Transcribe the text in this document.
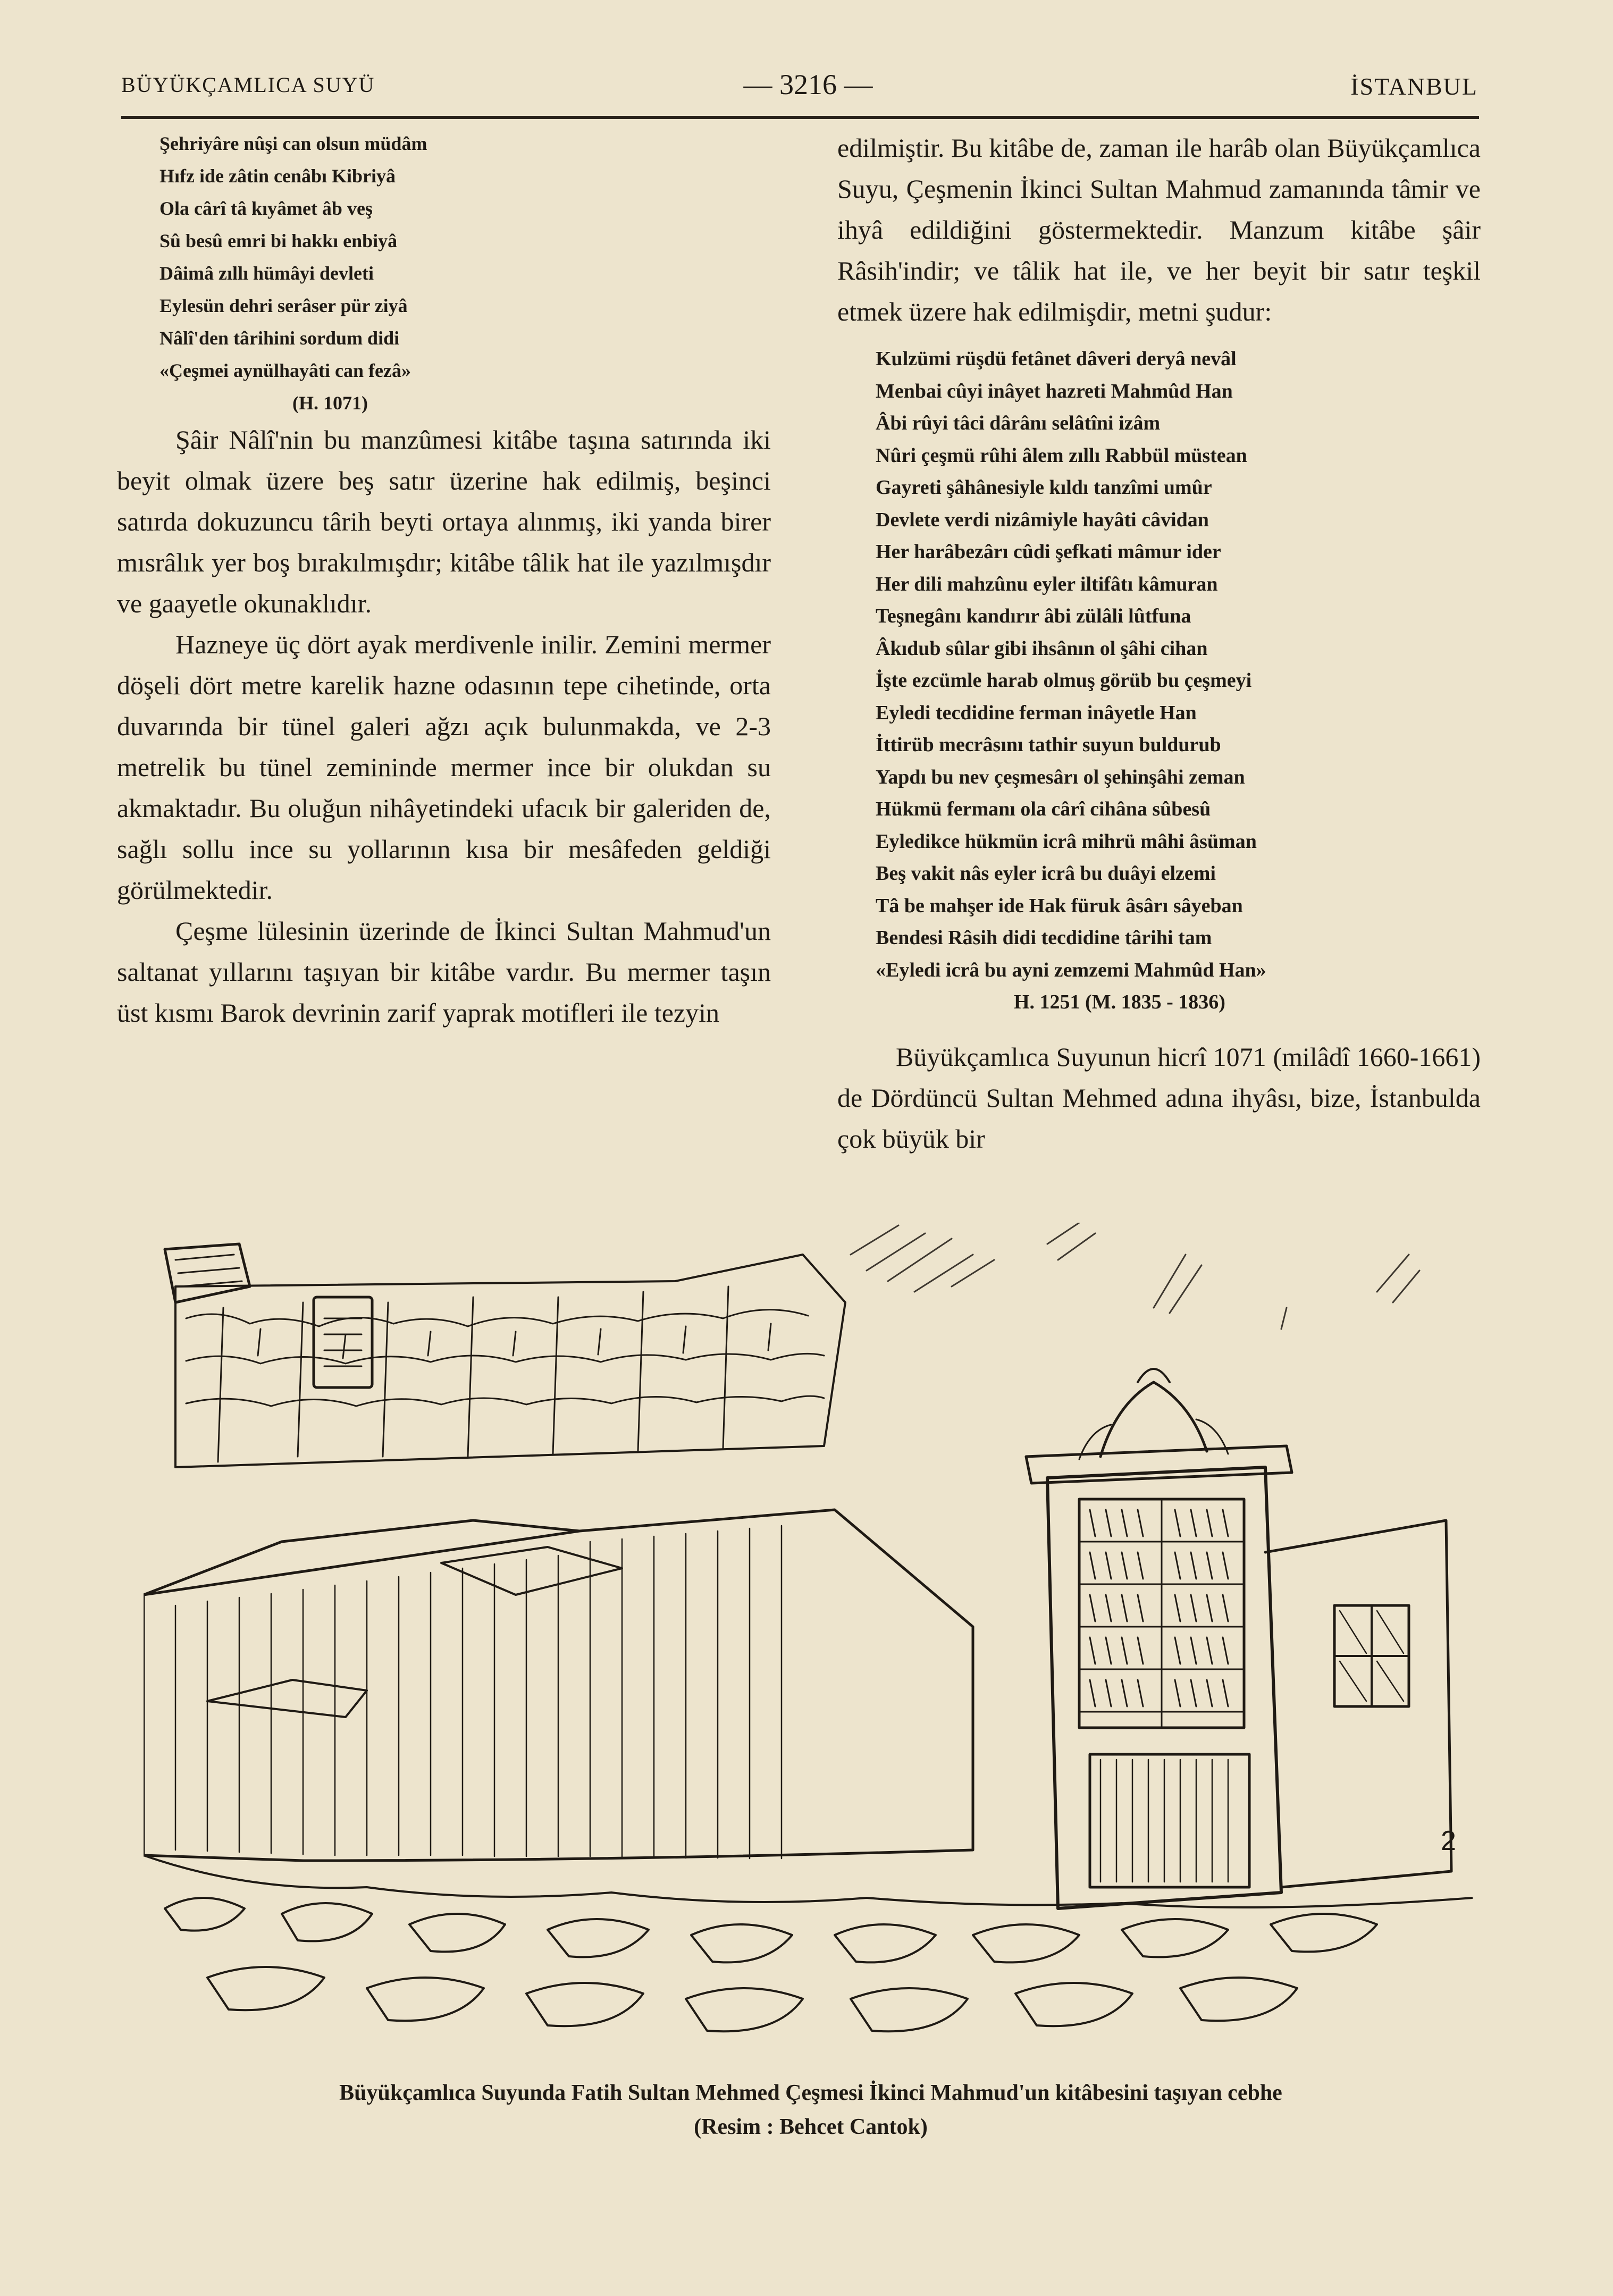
BÜYÜKÇAMLICA SUYÜ	— 3216 —	İSTANBUL
Şehriyâre nûşi can olsun müdâm
Hıfz ide zâtin cenâbı Kibriyâ
Ola cârî tâ kıyâmet âb veş
Sû besû emri bi hakkı enbiyâ
Dâimâ zıllı hümâyi devleti
Eylesün dehri serâser pür ziyâ
Nâlî'den târihini sordum didi
«Çeşmei aynülhayâti can fezâ»
(H. 1071)

Şâir Nâlî'nin bu manzûmesi kitâbe taşına satırında iki beyit olmak üzere beş satır üzerine hak edilmiş, beşinci satırda dokuzuncu târih beyti ortaya alınmış, iki yanda birer mısrâlık yer boş bırakılmışdır; kitâbe tâlik hat ile yazılmışdır ve gaayetle okunaklıdır.

Hazneye üç dört ayak merdivenle inilir. Zemini mermer döşeli dört metre karelik hazne odasının tepe cihetinde, orta duvarında bir tünel galeri ağzı açık bulunmakda, ve 2-3 metrelik bu tünel zemininde mermer ince bir olukdan su akmaktadır. Bu oluğun nihâyetindeki ufacık bir galeriden de, sağlı sollu ince su yollarının kısa bir mesâfeden geldiği görülmektedir.

Çeşme lülesinin üzerinde de İkinci Sultan Mahmud'un saltanat yıllarını taşıyan bir kitâbe vardır. Bu mermer taşın üst kısmı Barok devrinin zarif yaprak motifleri ile tezyin

edilmiştir. Bu kitâbe de, zaman ile harâb olan Büyükçamlıca Suyu, Çeşmenin İkinci Sultan Mahmud zamanında tâmir ve ihyâ edildiğini göstermektedir. Manzum kitâbe şâir Râsih'indir; ve tâlik hat ile, ve her beyit bir satır teşkil etmek üzere hak edilmişdir, metni şudur:

Kulzümi rüşdü fetânet dâveri deryâ nevâl
Menbai cûyi inâyet hazreti Mahmûd Han
Âbi rûyi tâci dârânı selâtîni izâm
Nûri çeşmü rûhi âlem zıllı Rabbül müstean
Gayreti şâhânesiyle kıldı tanzîmi umûr
Devlete verdi nizâmiyle hayâti câvidan
Her harâbezârı cûdi şefkati mâmur ider
Her dili mahzûnu eyler iltifâtı kâmuran
Teşnegânı kandırır âbi zülâli lûtfuna
Âkıdub sûlar gibi ihsânın ol şâhi cihan
İşte ezcümle harab olmuş görüb bu çeşmeyi
Eyledi tecdidine ferman inâyetle Han
İttirüb mecrâsını tathir suyun buldurub
Yapdı bu nev çeşmesârı ol şehinşâhi zeman
Hükmü fermanı ola cârî cihâna sûbesû
Eyledikce hükmün icrâ mihrü mâhi âsüman
Beş vakit nâs eyler icrâ bu duâyi elzemi
Tâ be mahşer ide Hak füruk âsârı sâyeban
Bendesi Râsih didi tecdidine târihi tam
«Eyledi icrâ bu ayni zemzemi Mahmûd Han»
H. 1251 (M. 1835 - 1836)

Büyükçamlıca Suyunun hicrî 1071 (milâdî 1660-1661) de Dördüncü Sultan Mehmed adına ihyâsı, bize, İstanbulda çok büyük bir

2
Büyükçamlıca Suyunda Fatih Sultan Mehmed Çeşmesi İkinci Mahmud'un kitâbesini taşıyan cebhe
(Resim : Behcet Cantok)
